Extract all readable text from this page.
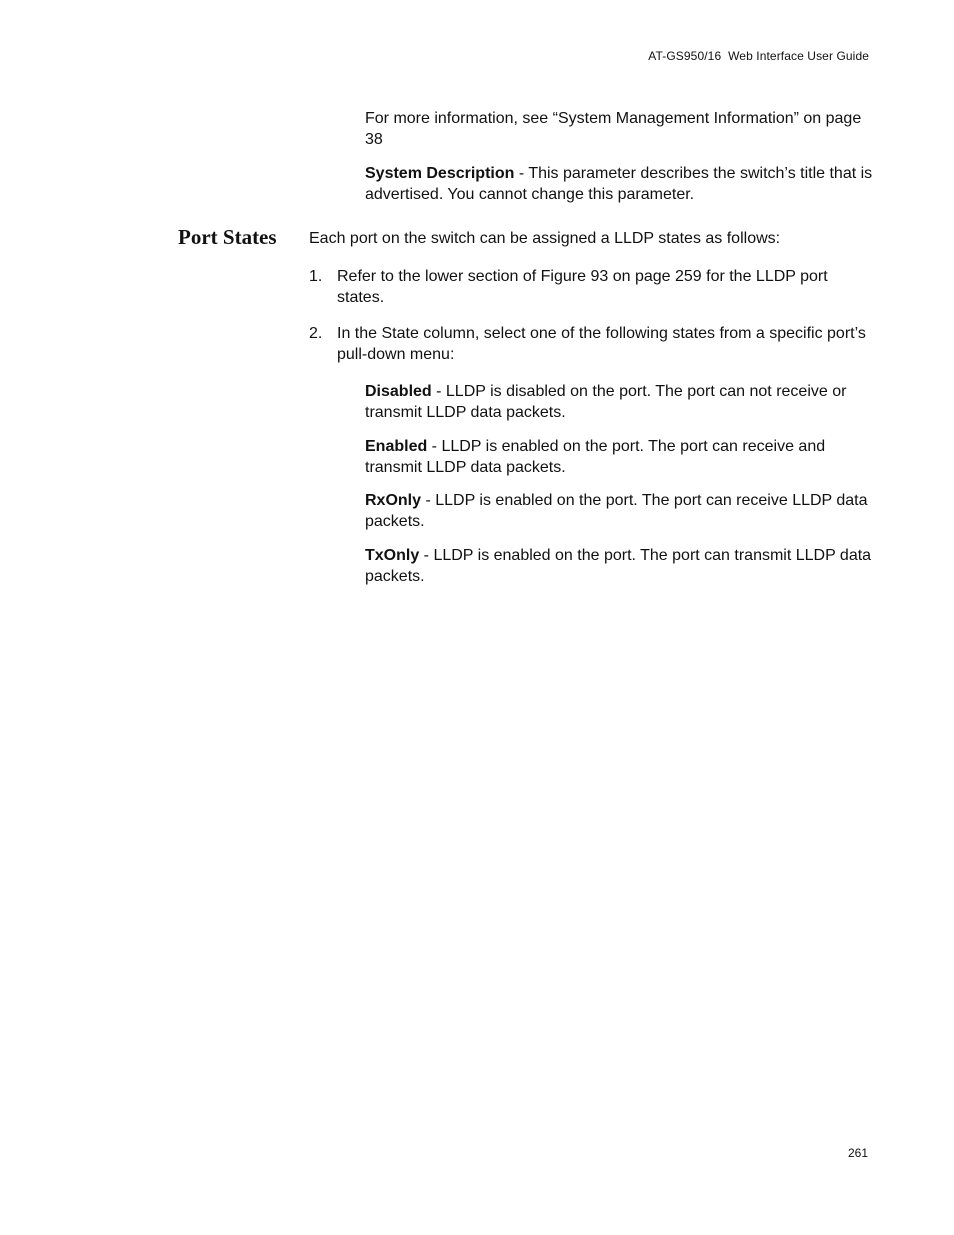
AT-GS950/16  Web Interface User Guide
For more information, see “System Management Information” on page 38
System Description - This parameter describes the switch’s title that is advertised. You cannot change this parameter.
Port States Each port on the switch can be assigned a LLDP states as follows:
1. Refer to the lower section of Figure 93 on page 259 for the LLDP port states.
2. In the State column, select one of the following states from a specific port’s pull-down menu:
Disabled - LLDP is disabled on the port. The port can not receive or transmit LLDP data packets.
Enabled - LLDP is enabled on the port. The port can receive and transmit LLDP data packets.
RxOnly - LLDP is enabled on the port. The port can receive LLDP data packets.
TxOnly - LLDP is enabled on the port. The port can transmit LLDP data packets.
261
